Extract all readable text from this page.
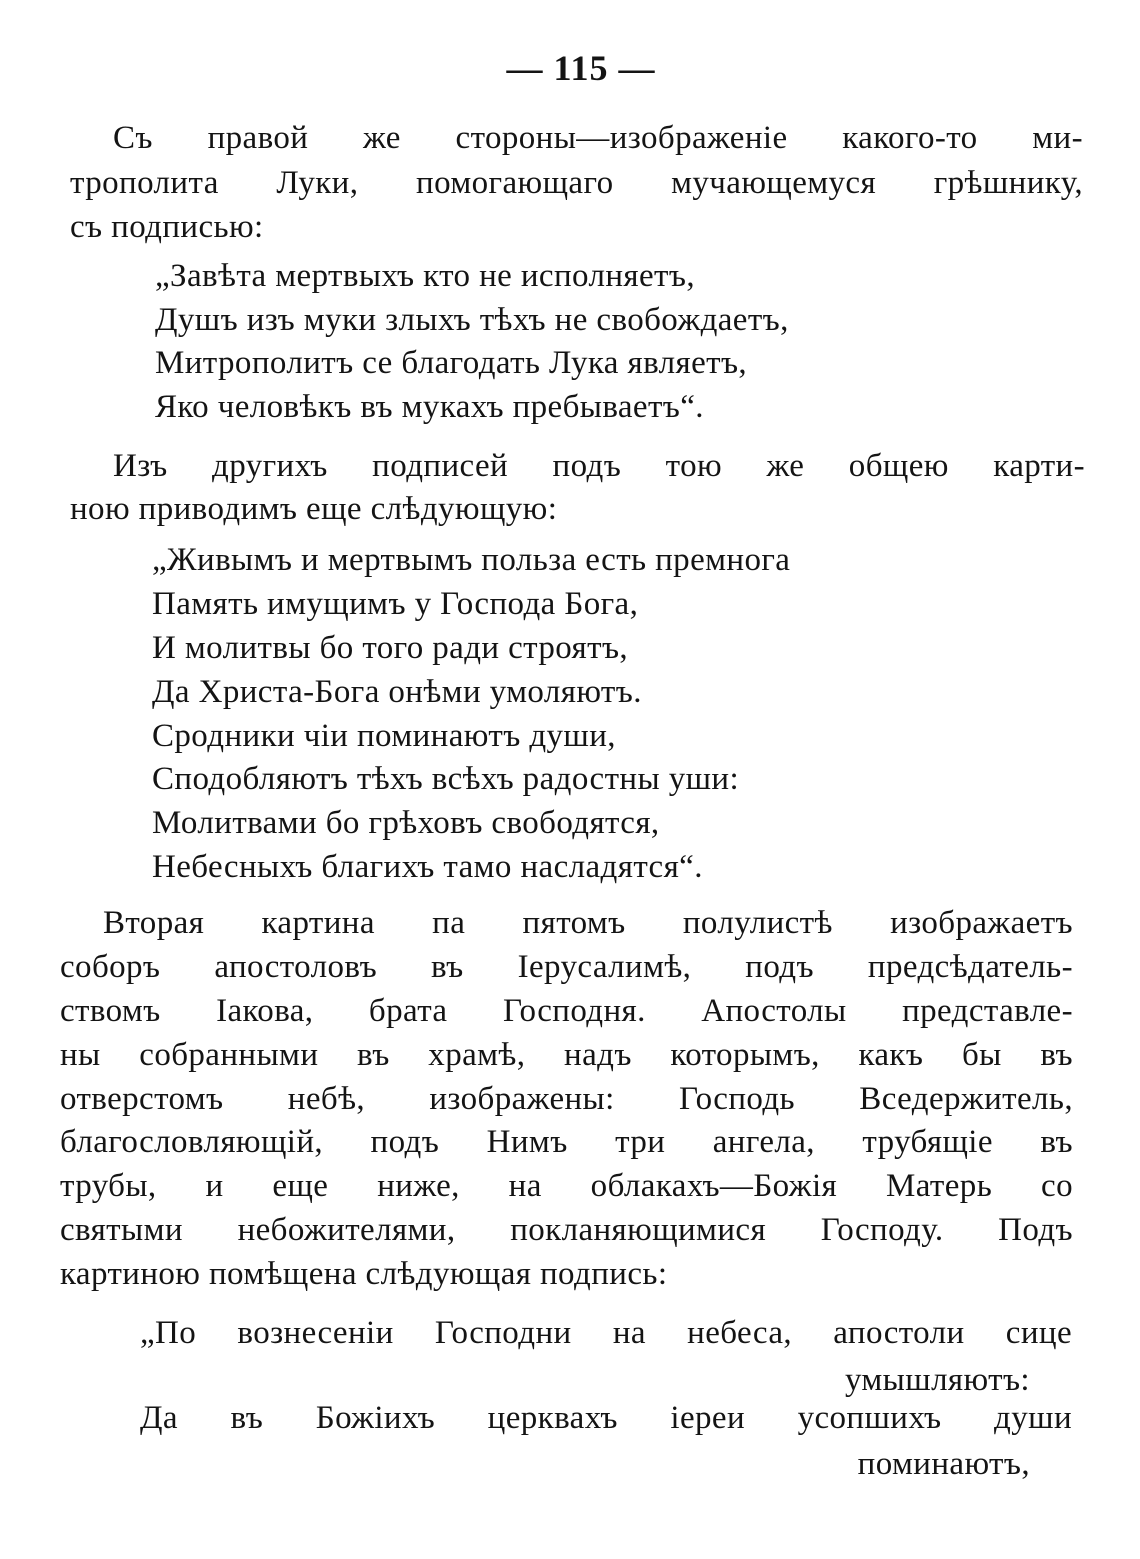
— 115 —
Съ правой же стороны—изображеніе какого-то ми-
трополита Луки, помогающаго мучающемуся грѣшнику,
съ подписью:
„Завѣта мертвыхъ кто не исполняетъ,
Душъ изъ муки злыхъ тѣхъ не свобождаетъ,
Митрополитъ се благодать Лука являетъ,
Яко человѣкъ въ мукахъ пребываетъ“.
Изъ другихъ подписей подъ тою же общею карти-
ною приводимъ еще слѣдующую:
„Живымъ и мертвымъ польза есть премнога
Память имущимъ у Господа Бога,
И молитвы бо того ради строятъ,
Да Христа-Бога онѣми умоляютъ.
Сродники чіи поминаютъ души,
Сподобляютъ тѣхъ всѣхъ радостны уши:
Молитвами бо грѣховъ свободятся,
Небесныхъ благихъ тамо насладятся“.
Вторая картина па пятомъ полулистѣ изображаетъ
соборъ апостоловъ въ Іерусалимѣ, подъ предсѣдатель-
ствомъ Іакова, брата Господня. Апостолы представле-
ны собранными въ храмѣ, надъ которымъ, какъ бы въ
отверстомъ небѣ, изображены: Господь Вседержитель,
благословляющій, подъ Нимъ три ангела, трубящіе въ
трубы, и еще ниже, на облакахъ—Божія Матерь со
святыми небожителями, покланяющимися Господу. Подъ
картиною помѣщена слѣдующая подпись:
„По вознесеніи Господни на небеса, апостоли сице
умышляютъ:
Да въ Божіихъ церквахъ іереи усопшихъ души
поминаютъ,
